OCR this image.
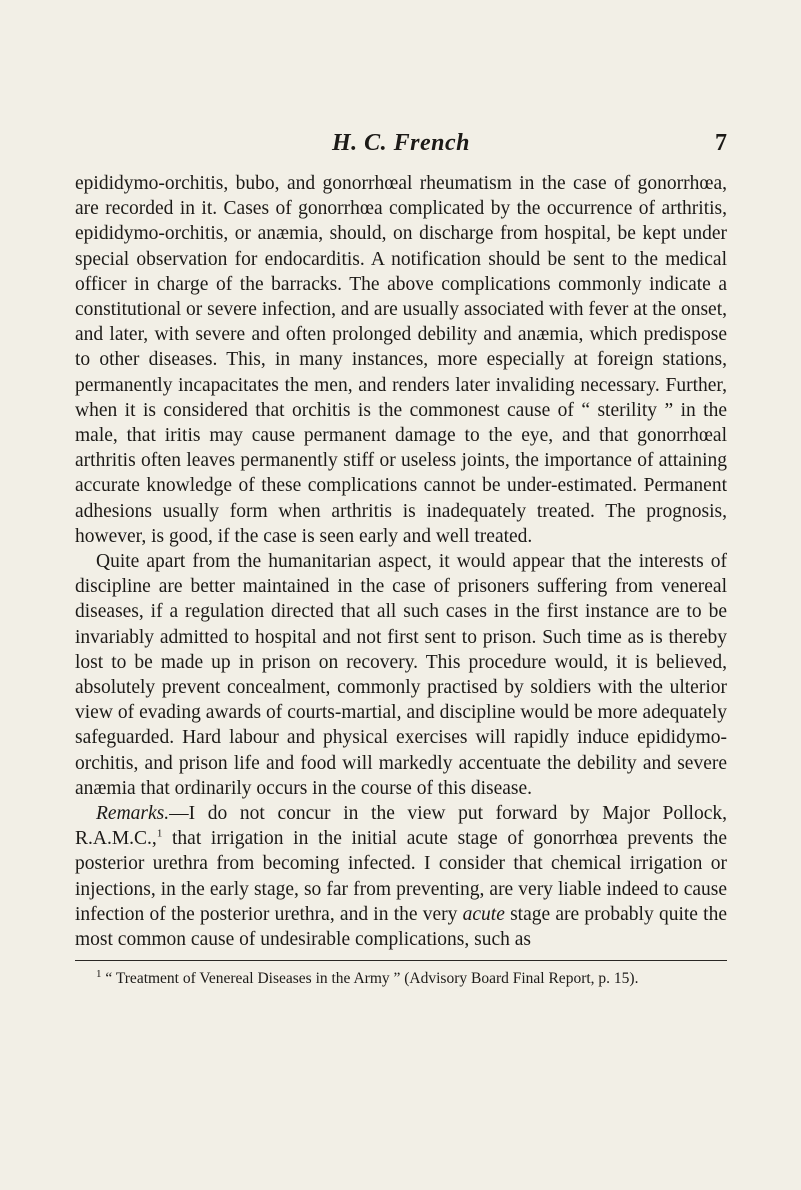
H. C. French	7

epididymo-orchitis, bubo, and gonorrhœal rheumatism in the case of gonorrhœa, are recorded in it. Cases of gonorrhœa complicated by the occurrence of arthritis, epididymo-orchitis, or anæmia, should, on discharge from hospital, be kept under special observation for endocarditis. A notification should be sent to the medical officer in charge of the barracks. The above complications commonly indicate a constitutional or severe infection, and are usually associated with fever at the onset, and later, with severe and often prolonged debility and anæmia, which predispose to other diseases. This, in many instances, more especially at foreign stations, permanently incapacitates the men, and renders later invaliding necessary. Further, when it is considered that orchitis is the commonest cause of “ sterility ” in the male, that iritis may cause permanent damage to the eye, and that gonorrhœal arthritis often leaves permanently stiff or useless joints, the importance of attaining accurate knowledge of these complications cannot be under-estimated. Permanent adhesions usually form when arthritis is inadequately treated. The prognosis, however, is good, if the case is seen early and well treated.

Quite apart from the humanitarian aspect, it would appear that the interests of discipline are better maintained in the case of prisoners suffering from venereal diseases, if a regulation directed that all such cases in the first instance are to be invariably admitted to hospital and not first sent to prison. Such time as is thereby lost to be made up in prison on recovery. This procedure would, it is believed, absolutely prevent concealment, commonly practised by soldiers with the ulterior view of evading awards of courts-martial, and discipline would be more adequately safeguarded. Hard labour and physical exercises will rapidly induce epididymo-orchitis, and prison life and food will markedly accentuate the debility and severe anæmia that ordinarily occurs in the course of this disease.

Remarks.—I do not concur in the view put forward by Major Pollock, R.A.M.C.,$^1$ that irrigation in the initial acute stage of gonorrhœa prevents the posterior urethra from becoming infected. I consider that chemical irrigation or injections, in the early stage, so far from preventing, are very liable indeed to cause infection of the posterior urethra, and in the very acute stage are probably quite the most common cause of undesirable complications, such as

$^1$ “ Treatment of Venereal Diseases in the Army ” (Advisory Board Final Report, p. 15).
